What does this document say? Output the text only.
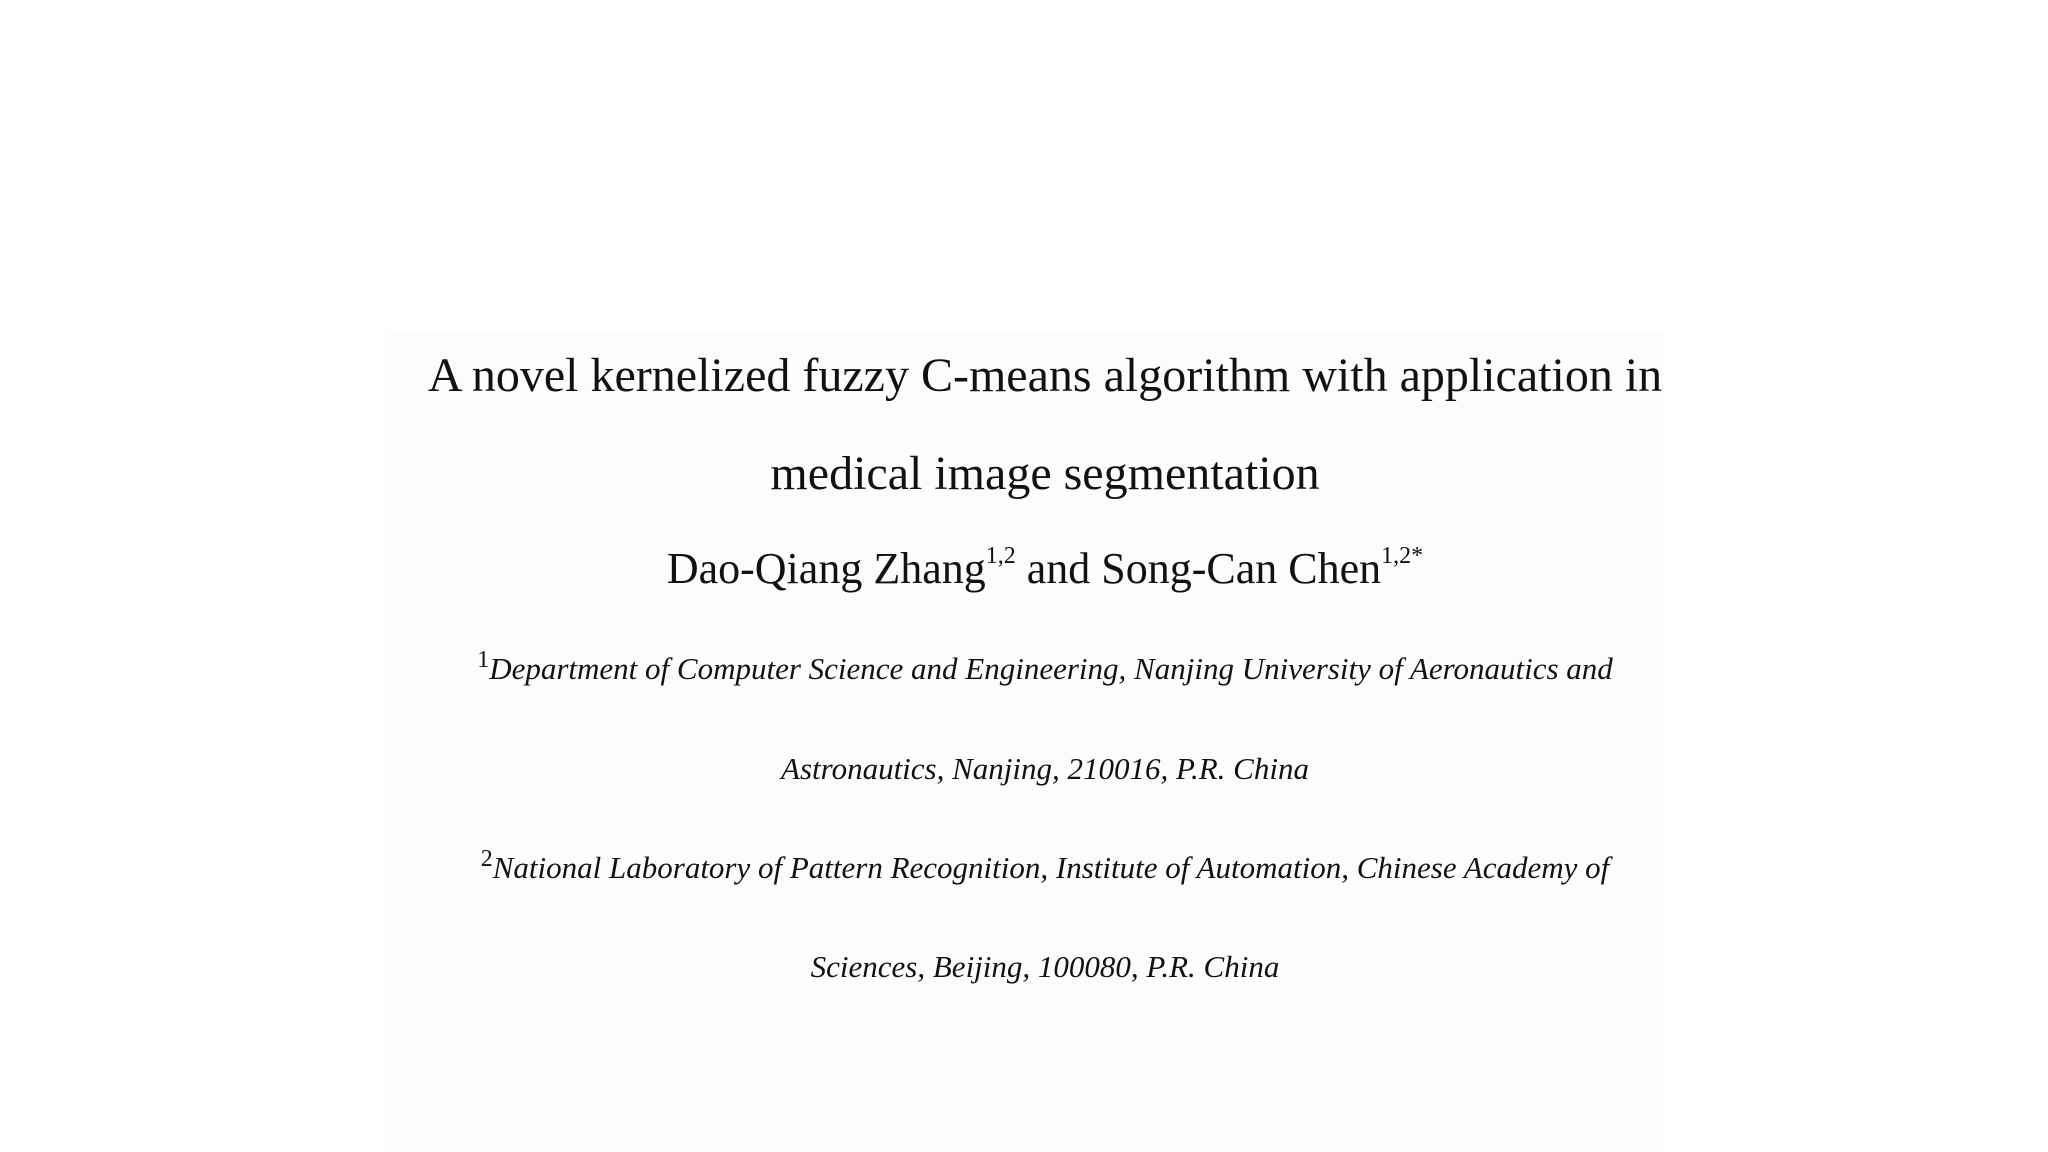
A novel kernelized fuzzy C-means algorithm with application in
medical image segmentation
Dao-Qiang Zhang$^{1,2}$ and Song-Can Chen$^{1,2*}$
$^1$Department of Computer Science and Engineering, Nanjing University of Aeronautics and
Astronautics, Nanjing, 210016, P.R. China
$^2$National Laboratory of Pattern Recognition, Institute of Automation, Chinese Academy of
Sciences, Beijing, 100080, P.R. China
